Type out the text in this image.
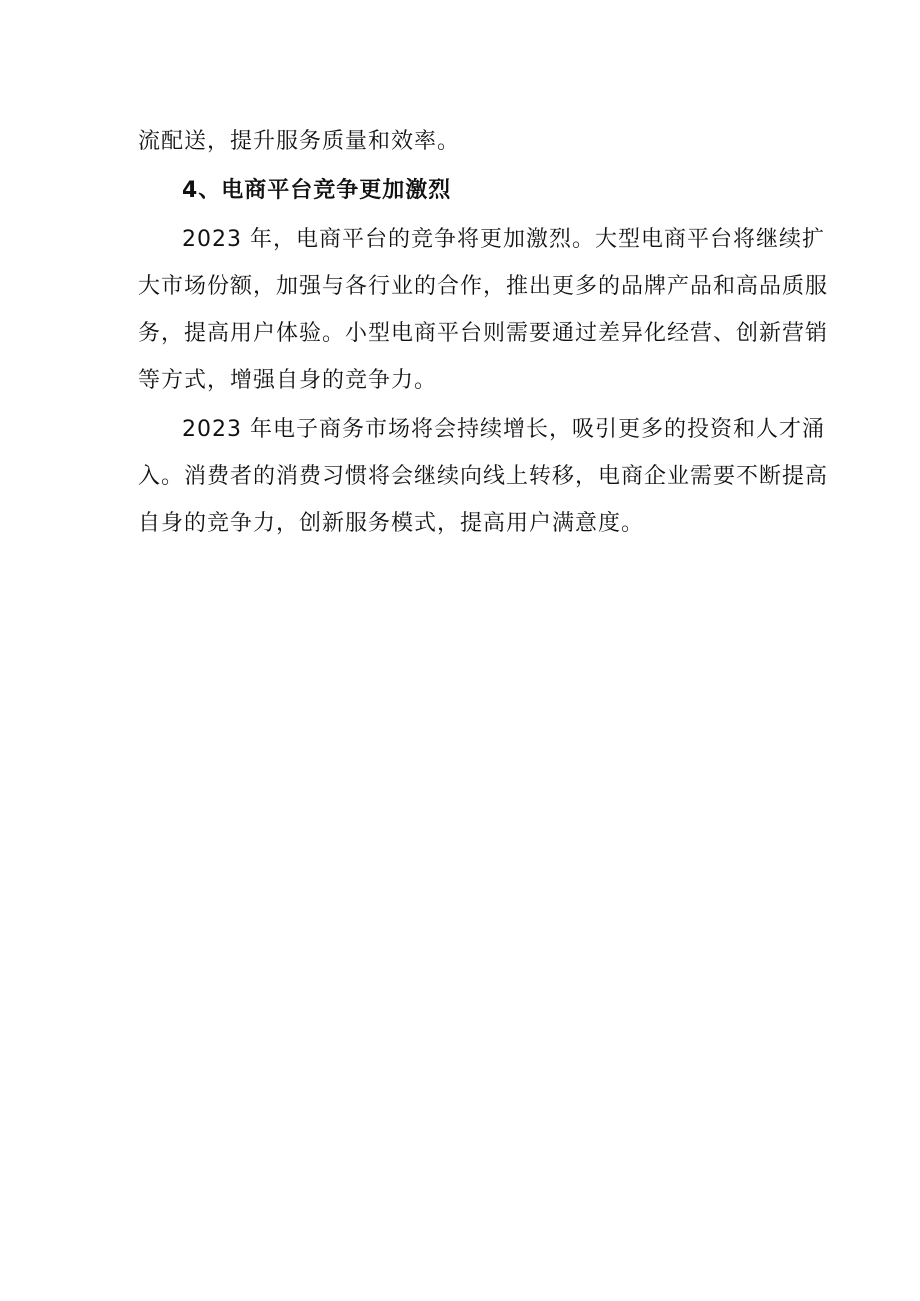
流配送，提升服务质量和效率。
4、电商平台竞争更加激烈
2023 年，电商平台的竞争将更加激烈。大型电商平台将继续扩
大市场份额，加强与各行业的合作，推出更多的品牌产品和高品质服
务，提高用户体验。小型电商平台则需要通过差异化经营、创新营销
等方式，增强自身的竞争力。
2023 年电子商务市场将会持续增长，吸引更多的投资和人才涌
入。消费者的消费习惯将会继续向线上转移，电商企业需要不断提高
自身的竞争力，创新服务模式，提高用户满意度。
